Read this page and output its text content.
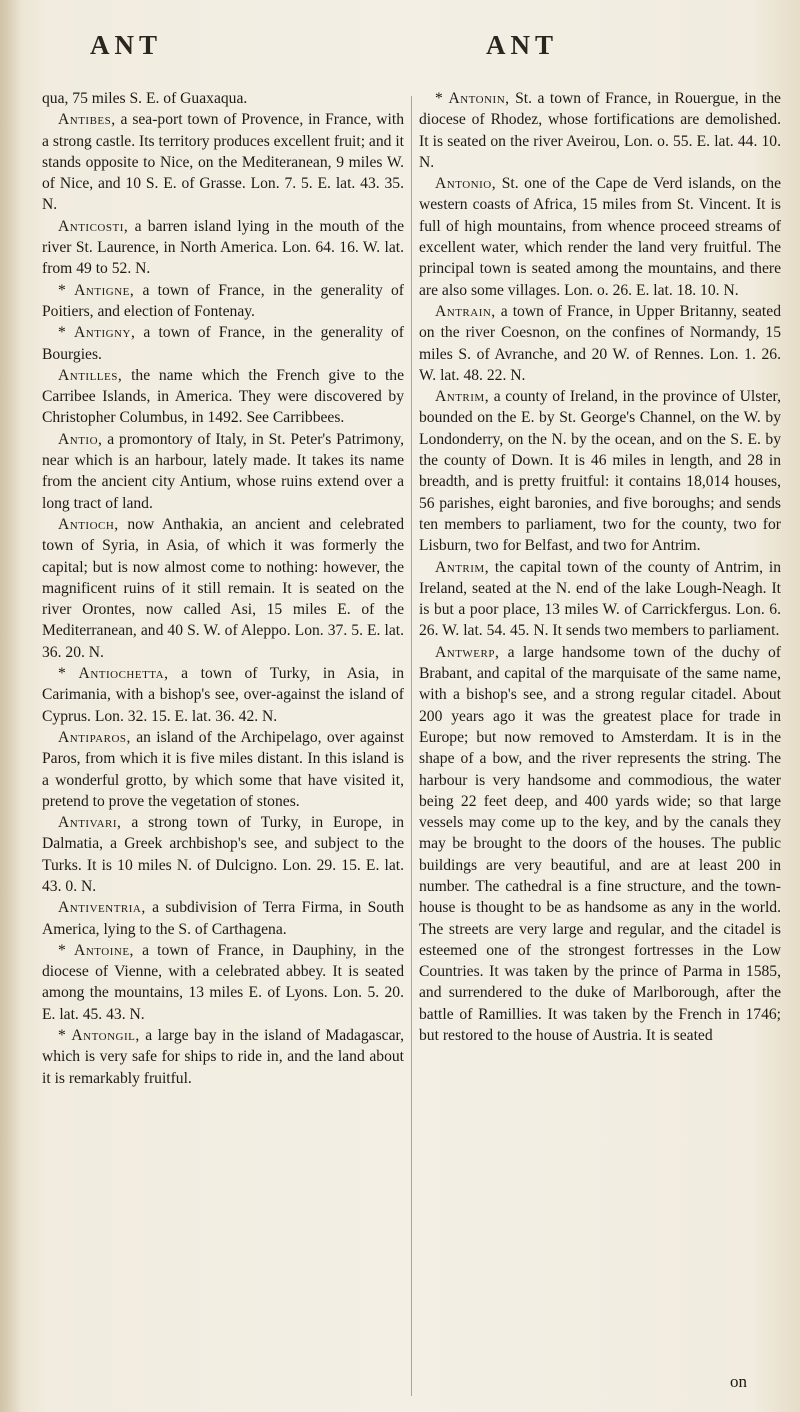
ANT	ANT

qua, 75 miles S. E. of Guaxaqua.

Antibes, a sea-port town of Provence, in France, with a strong castle. Its territory produces excellent fruit; and it stands opposite to Nice, on the Mediteranean, 9 miles W. of Nice, and 10 S. E. of Grasse. Lon. 7. 5. E. lat. 43. 35. N.

Anticosti, a barren island lying in the mouth of the river St. Laurence, in North America. Lon. 64. 16. W. lat. from 49 to 52. N.

* Antigne, a town of France, in the generality of Poitiers, and election of Fontenay.

* Antigny, a town of France, in the generality of Bourgies.

Antilles, the name which the French give to the Carribee Islands, in America. They were discovered by Christopher Columbus, in 1492. See Carribbees.

Antio, a promontory of Italy, in St. Peter's Patrimony, near which is an harbour, lately made. It takes its name from the ancient city Antium, whose ruins extend over a long tract of land.

Antioch, now Anthakia, an ancient and celebrated town of Syria, in Asia, of which it was formerly the capital; but is now almost come to nothing: however, the magnificent ruins of it still remain. It is seated on the river Orontes, now called Asi, 15 miles E. of the Mediterranean, and 40 S. W. of Aleppo. Lon. 37. 5. E. lat. 36. 20. N.

* Antiochetta, a town of Turky, in Asia, in Carimania, with a bishop's see, over-against the island of Cyprus. Lon. 32. 15. E. lat. 36. 42. N.

Antiparos, an island of the Archipelago, over against Paros, from which it is five miles distant. In this island is a wonderful grotto, by which some that have visited it, pretend to prove the vegetation of stones.

Antivari, a strong town of Turky, in Europe, in Dalmatia, a Greek archbishop's see, and subject to the Turks. It is 10 miles N. of Dulcigno. Lon. 29. 15. E. lat. 43. 0. N.

Antiventria, a subdivision of Terra Firma, in South America, lying to the S. of Carthagena.

* Antoine, a town of France, in Dauphiny, in the diocese of Vienne, with a celebrated abbey. It is seated among the mountains, 13 miles E. of Lyons. Lon. 5. 20. E. lat. 45. 43. N.

* Antongil, a large bay in the island of Madagascar, which is very safe for ships to ride in, and the land about it is remarkably fruitful.

* Antonin, St. a town of France, in Rouergue, in the diocese of Rhodez, whose fortifications are demolished. It is seated on the river Aveirou, Lon. o. 55. E. lat. 44. 10. N.

Antonio, St. one of the Cape de Verd islands, on the western coasts of Africa, 15 miles from St. Vincent. It is full of high mountains, from whence proceed streams of excellent water, which render the land very fruitful. The principal town is seated among the mountains, and there are also some villages. Lon. o. 26. E. lat. 18. 10. N.

Antrain, a town of France, in Upper Britanny, seated on the river Coesnon, on the confines of Normandy, 15 miles S. of Avranche, and 20 W. of Rennes. Lon. 1. 26. W. lat. 48. 22. N.

Antrim, a county of Ireland, in the province of Ulster, bounded on the E. by St. George's Channel, on the W. by Londonderry, on the N. by the ocean, and on the S. E. by the county of Down. It is 46 miles in length, and 28 in breadth, and is pretty fruitful: it contains 18,014 houses, 56 parishes, eight baronies, and five boroughs; and sends ten members to parliament, two for the county, two for Lisburn, two for Belfast, and two for Antrim.

Antrim, the capital town of the county of Antrim, in Ireland, seated at the N. end of the lake Lough-Neagh. It is but a poor place, 13 miles W. of Carrickfergus. Lon. 6. 26. W. lat. 54. 45. N. It sends two members to parliament.

Antwerp, a large handsome town of the duchy of Brabant, and capital of the marquisate of the same name, with a bishop's see, and a strong regular citadel. About 200 years ago it was the greatest place for trade in Europe; but now removed to Amsterdam. It is in the shape of a bow, and the river represents the string. The harbour is very handsome and commodious, the water being 22 feet deep, and 400 yards wide; so that large vessels may come up to the key, and by the canals they may be brought to the doors of the houses. The public buildings are very beautiful, and are at least 200 in number. The cathedral is a fine structure, and the town-house is thought to be as handsome as any in the world. The streets are very large and regular, and the citadel is esteemed one of the strongest fortresses in the Low Countries. It was taken by the prince of Parma in 1585, and surrendered to the duke of Marlborough, after the battle of Ramillies. It was taken by the French in 1746; but restored to the house of Austria. It is seated

on
